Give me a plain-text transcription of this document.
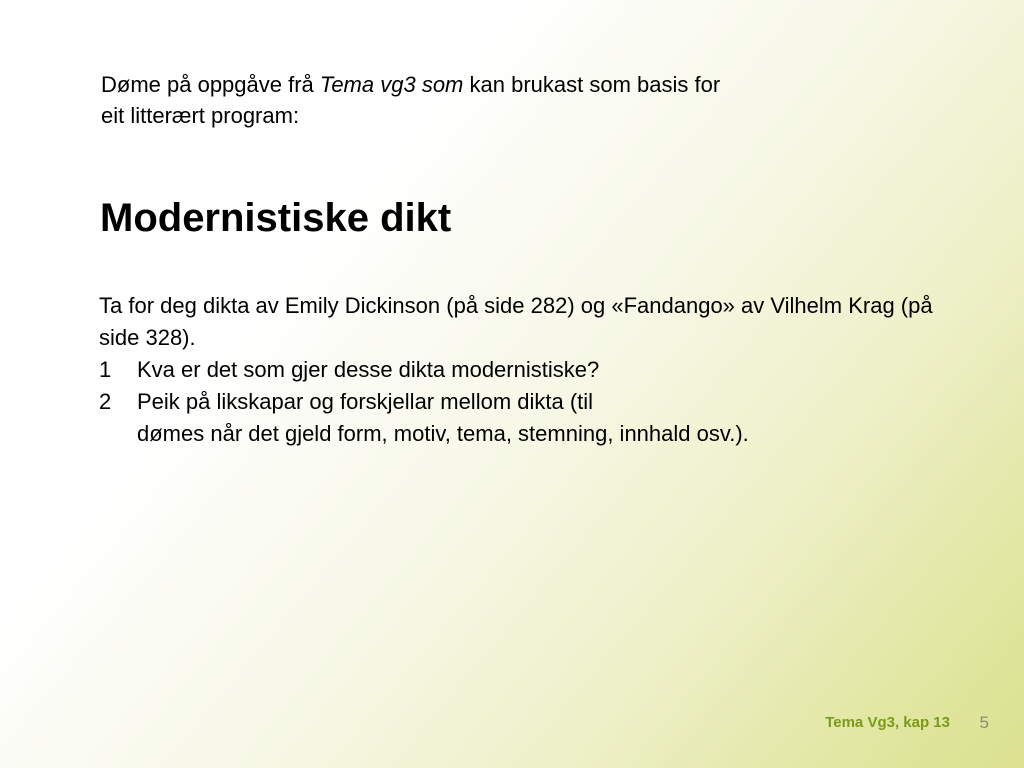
Døme på oppgåve frå Tema vg3 som kan brukast som basis for
eit litterært program:
Modernistiske dikt

Ta for deg dikta av Emily Dickinson (på side 282) og «Fandango» av Vilhelm Krag (på side 328).

1	Kva er det som gjer desse dikta modernistiske?
2	Peik på likskapar og forskjellar mellom dikta (til
dømes når det gjeld form, motiv, tema, stemning, innhald osv.).
Tema Vg3, kap 13 5
